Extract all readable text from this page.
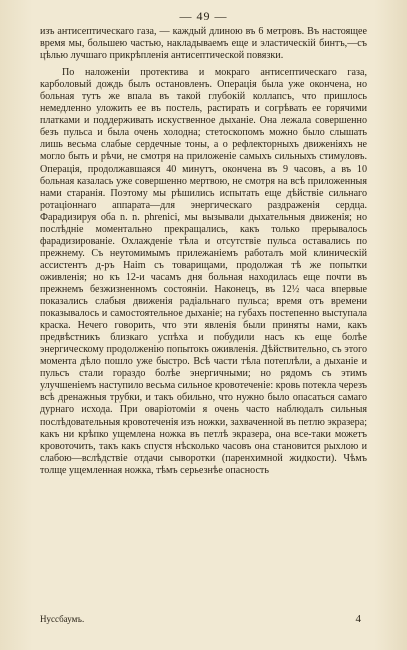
— 49 —

изъ антисептическаго газа, — каждый длиною въ 6 метровъ. Въ настоящее время мы, большею частью, накладываемъ еще и эластическій бинтъ,—съ цѣлью лучшаго прикрѣпленія антисептической повязки.

По наложеніи протектива и мокраго антисептическаго газа, карболовый дождь былъ остановленъ. Операція была уже окончена, но больная тутъ же впала въ такой глубокій коллапсъ, что пришлось немедленно уложить ее въ постель, растирать и согрѣвать ее горячими платками и поддерживать искуственное дыханіе. Она лежала совершенно безъ пульса и была очень холодна; стетоскопомъ можно было слышать лишь весьма слабые сердечные тоны, а о рефлекторныхъ движеніяхъ не могло быть и рѣчи, не смотря на приложеніе самыхъ сильныхъ стимуловъ. Операція, продолжавшаяся 40 минутъ, окончена въ 9 часовъ, а въ 10 больная казалась уже совершенно мертвою, не смотря на всѣ приложенныя нами старанія. Поэтому мы рѣшились испытать еще дѣйствіе сильнаго ротаціоннаго аппарата—для энергическаго раздраженія сердца. Фарадизируя оба n. n. phrenici, мы вызывали дыхательныя движенія; но послѣдніе моментально прекращались, какъ только прерывалось фарадизированіе. Охлажденіе тѣла и отсутствіе пульса оставались по прежнему. Съ неутомимымъ прилежаніемъ работалъ мой клиническій ассистентъ д-ръ Haim съ товарищами, продолжая тѣ же попытки оживленія; но къ 12-и часамъ дня больная находилась еще почти въ прежнемъ безжизненномъ состояніи. Наконецъ, въ 12½ часа впервые показались слабыя движенія радіальнаго пульса; время отъ времени показывалось и самостоятельное дыханіе; на губахъ постепенно выступала краска. Нечего говорить, что эти явленія были приняты нами, какъ предвѣстникъ близкаго успѣха и побудили насъ къ еще болѣе энергическому продолженію попытокъ оживленія. Дѣйствительно, съ этого момента дѣло пошло уже быстро. Всѣ части тѣла потеплѣли, а дыханіе и пульсъ стали гораздо болѣе энергичными; но рядомъ съ этимъ улучшеніемъ наступило весьма сильное кровотеченіе: кровь потекла черезъ всѣ дренажныя трубки, и такъ обильно, что нужно было опасаться самаго дурнаго исхода. При оваріотоміи я очень часто наблюдалъ сильныя послѣдовательныя кровотеченія изъ ножки, захваченной въ петлю экразера; какъ ни крѣпко ущемлена ножка въ петлѣ экразера, она все-таки можетъ кровоточить, такъ какъ спустя нѣсколько часовъ она становится рыхлою и слабою—вслѣдствіе отдачи сыворотки (паренхимной жидкости). Чѣмъ толще ущемленная ножка, тѣмъ серьезнѣе опасность

Нуссбаумъ.	4
